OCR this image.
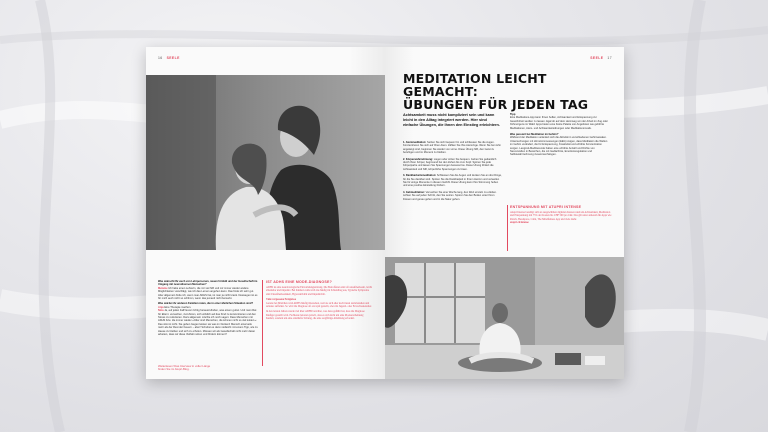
16 SEELE

Was wünscht Ihr euch von Lehrpersonen, neuen Umfeld und der Gesellschaft im Umgang mit neurodiversen Menschen?

Melanie Ich habe einen Lehrerin, die mir viel hilft und mir immer wieder andere Möglichkeiten vorschlägt, wie ich das Lernen angehen kann. Das finde ich sehr gut. Aber allgemein finde ich, wenn man ADHS hat, ist man ja nicht krank. Deswegen ist es für mich auch nicht so schlimm, wenn das jemand nicht bemerkt.

Was würdet ihr anderen Familien raten, die in einer ähnlichen Situation sind?

Anja Eine Therapie machen.

Nina Ja, auf jeden Fall! Eurer richtig herauszufinden, was einem guttut. Und mein Rat für Eltern: versuchen, zuzuhören, sich wirklich auf das Kind zu konzentrieren und den Stress zu reduzieren. Dazu allgemein möchte ich noch sagen: Dass Menschen mit ADHS bzw. die immer wieder »Oder sind Menschen, die können nicht so viel leisten.« Das stimmt nicht. Sie geben Gegen leisten sie was im Denken! Mensch einerseits mehr als der Rest der Feuern – aber! Schubst es dann vielleicht mit einem Tipp, wie zu Hause zu bleiben und sich zu erholen. Müssen wir als Gesellschaft nicht mehr daran arbeiten, dass wir diese Vielfalt nutzen und fördern können?

Weiterlesen! Das Interview in voller Länge finden Sie im Atupri-Blog.
IST ADHS EINE MODE-DIAGNOSE?

ADHS ist eine neurobiologische Entwicklungsstörung. Die Betroffenen sind oft unaufmerksam, leicht ablenkbar und impulsiv. Bei Kindern wirkt sich das häufig im Schulalltag aus, Typische Symptome sind Unaufmerksamkeit, Hyperaktivität und Impulsivität.

Viele vergessene Ereignisse

Gerade bei Mädchen wird ADHS häufig übersehen, weil sie sich eher nach innen zurückziehen und seltener auffallen. So wird die Diagnose oft erst spät gestellt, etwa im Jugend- oder Erwachsenenalter.

In den letzten Jahren wurde viel über ADHS berichtet, was dazu geführt hat, dass die Diagnose häufiger gestellt wird. Fachleute betonen jedoch, dass es sich nicht um eine Modeerscheinung handelt, sondern um eine ernsthafte Störung, die eine sorgfältige Abklärung erfordert.

SEELE 17
MEDITATION LEICHT GEMACHT:
ÜBUNGEN FÜR JEDEN TAG
Achtsamkeit muss nicht kompliziert sein und kann leicht in den Alltag integriert werden. Hier sind einfache Übungen, die Ihnen den Einstieg erleichtern.

1. Atemmeditation: Setzen Sie sich bequem hin und schliessen Sie die Augen. Konzentrieren Sie sich auf Ihren Atem. Zählen Sie Ihre Atemzüge. Wenn Sie bei zehn angelangt sind, beginnen Sie wieder von vorne. Diese Übung hilft, den Geist zu beruhigen und im Moment zu bleiben.

2. Körperwahrnehmung: Liegen oder sitzen Sie bequem. Gehen Sie gedanklich durch Ihren Körper, beginnend bei den Zehen bis zum Kopf. Spüren Sie jede Körperpartie und lassen Sie Spannungen bewusst los. Diese Übung fördert die Achtsamkeit und hilft, körperliche Spannungen zu lösen.

3. Dankbarkeitsmeditation: Schliessen Sie die Augen und denken Sie an drei Dinge, für die Sie dankbar sind. Spüren Sie die Dankbarkeit in Ihrem Herzen und verweilen Sie für einige Momente in diesem Gefühl. Diese Übung kann Ihre Stimmung heben und eine positive Einstellung fördern.

4. Gehmeditation: Versuchen Sie eine Woche lang, den Wert einzeln zu erleben. Achten Sie auf jeden Schritt, den Sie setzen. Spüren Sie den Boden unter Ihren Füssen und genau gehen und in die Natur gehen.

Tipp

Eine Meditations-App kann Ihnen helfen, Achtsamkeit und Entspannung zur Gewohnheit werden zu lassen. Egal ob auf dem Heimweg von der Arbeit im Zug oder frühmorgens im Wald: Apps bieten eine breite Palette von Angeboten wie geführte Meditationen, Atem- und Achtsamkeitsübungen oder Meditationsmusik.

Was passiert bei Meditation im Gehirn?

Während der Meditation verändert sich die Aktivität in verschiedenen Gehirnarealen. Untersuchungen mit Hirnstrommessungen (EEG) zeigen, dass Meditation die Wellen im Gehirn verändert, die für Entspannung, Kreativität und erhöhte Konzentration sorgen. Langzeit-Meditierende haben eine erhöhte Anzahl und Dichte von Nervenzellen in Bereichen, die mit Gedächtnis, Emotionsregulation und Selbstwahrnehmung zusammenhängen.

ENTSPANNUNG MIT ATUPRI INTENSE

Atupri Intense beteiligt sich an ausgewählten digitalen Kursen rund um Achtsamkeit, Meditation und Entspannung mit 75% der Kosten bis CHF 500 pro Jahr. Das gilt unter anderem für Apps wie Pensiv, Headspace, Calm, The Mindfulness App und viele mehr.

atupri.ch/intense
